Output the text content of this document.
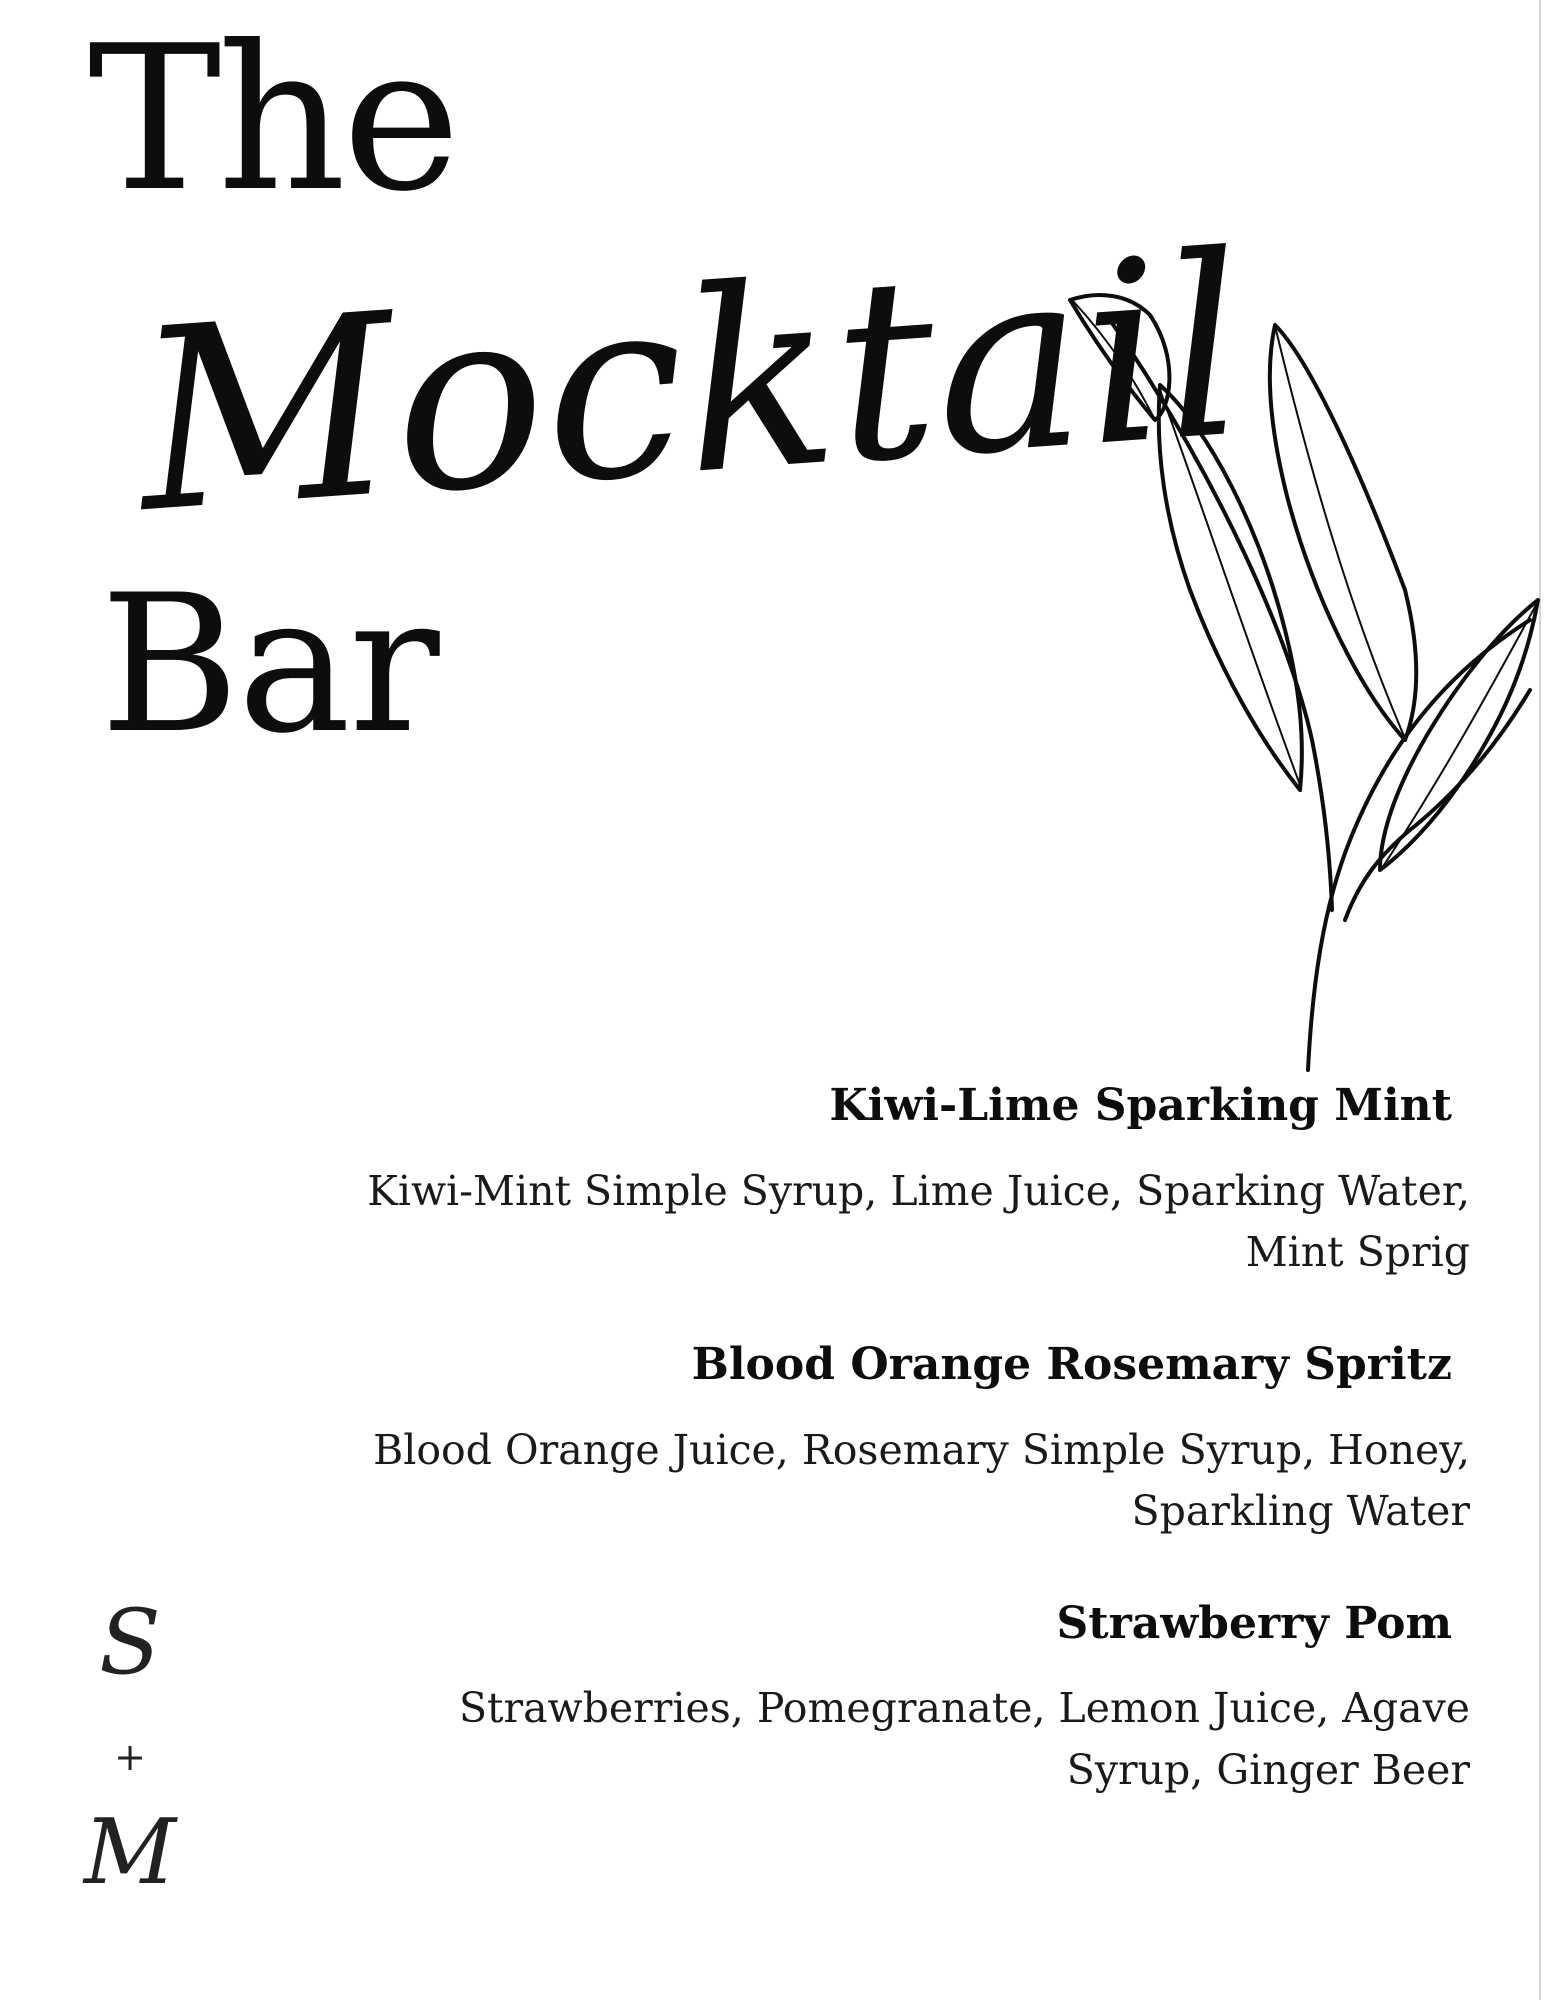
The
Mocktail
Bar
Kiwi-Lime Sparking Mint
Kiwi-Mint Simple Syrup, Lime Juice, Sparking Water, Mint Sprig
Blood Orange Rosemary Spritz
Blood Orange Juice, Rosemary Simple Syrup, Honey, Sparkling Water
Strawberry Pom
Strawberries, Pomegranate, Lemon Juice, Agave Syrup, Ginger Beer
S
+
M
